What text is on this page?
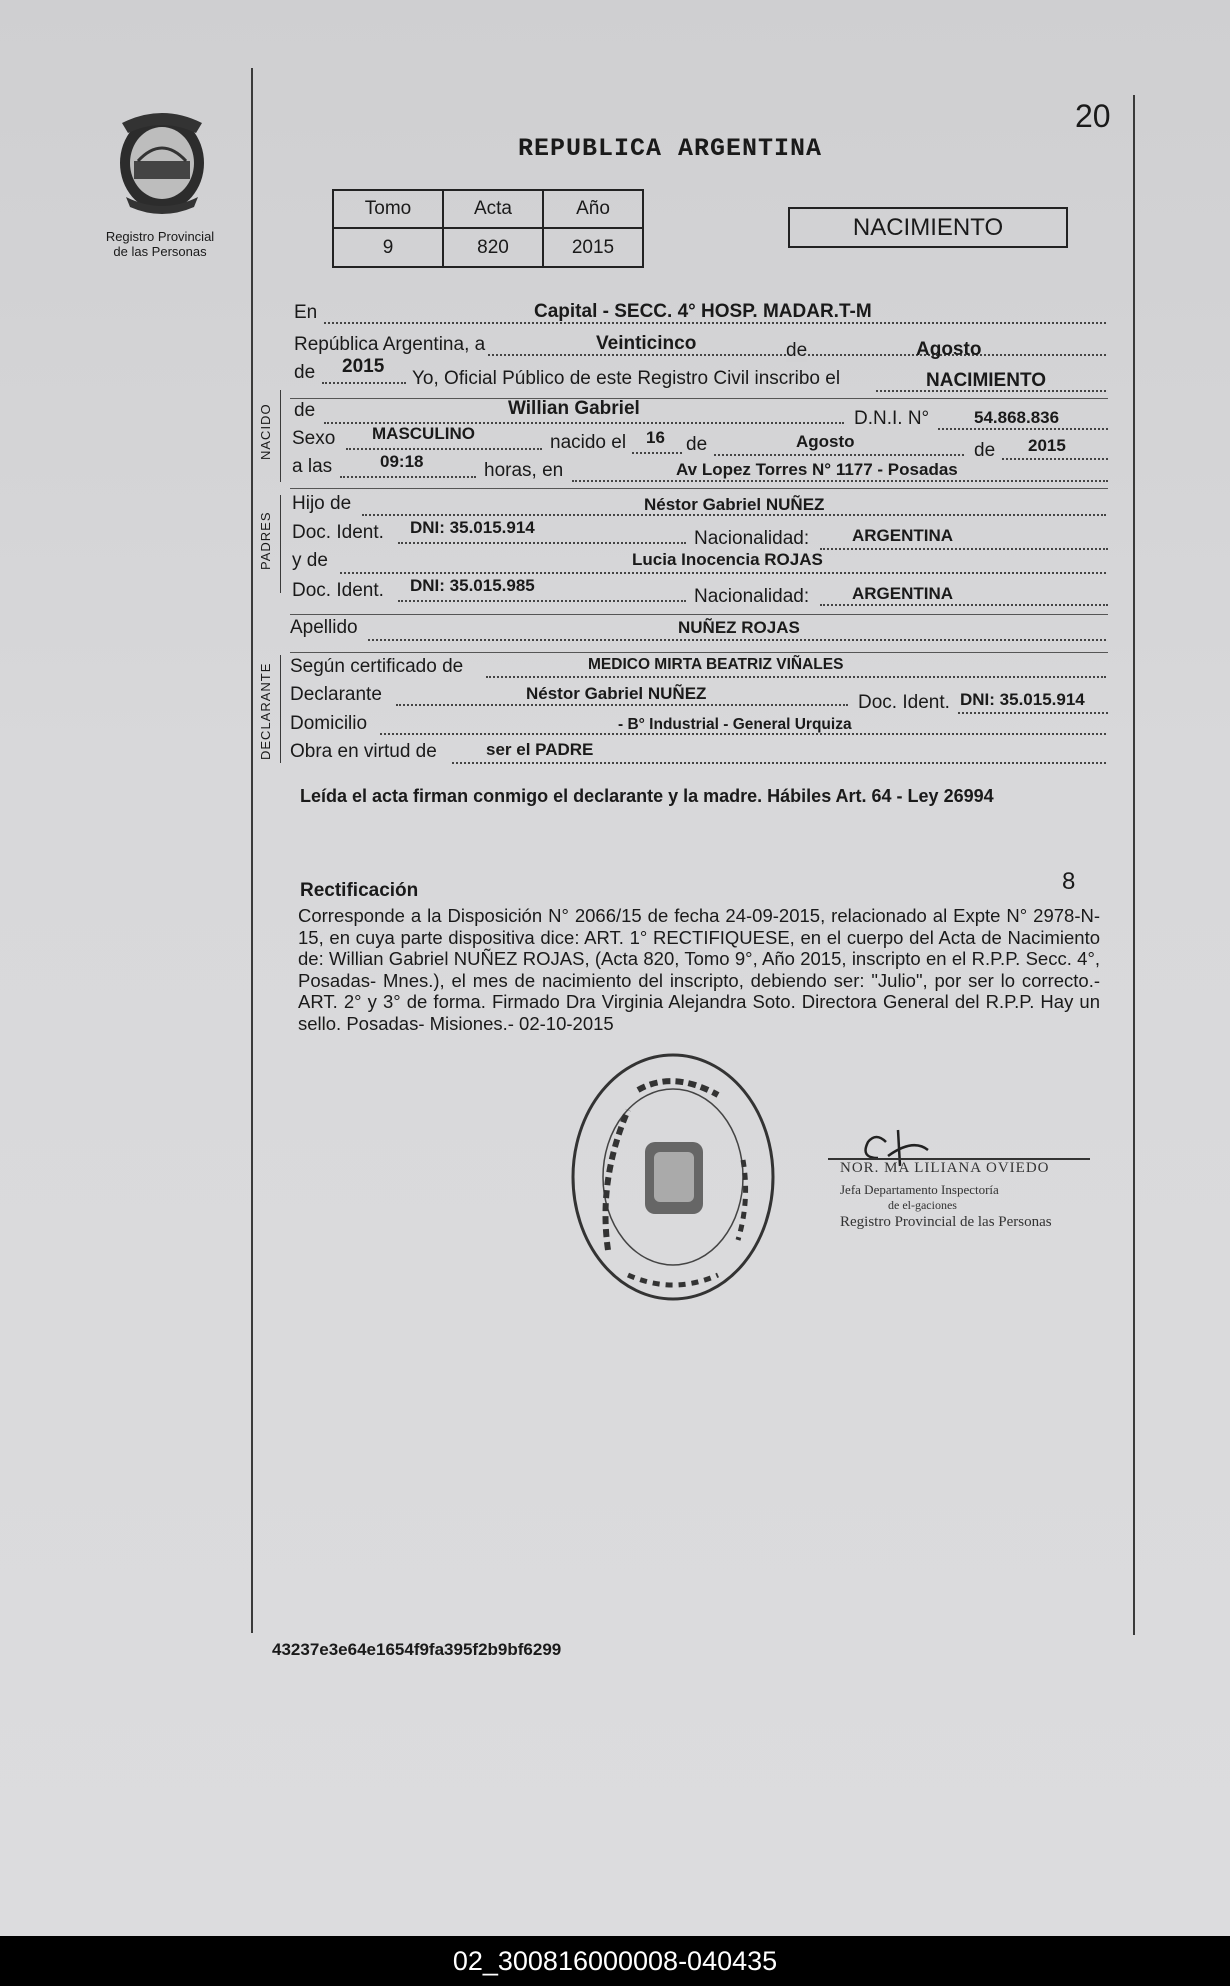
Registro Provincial
de las Personas
20
REPUBLICA ARGENTINA
Tomo	Acta	Año
9	820	2015
NACIMIENTO
NACIDO
PADRES
DECLARANTE
En	Capital - SECC. 4° HOSP. MADAR.T-M
República Argentina, a	Veinticinco	de	Agosto
de 2015
Yo, Oficial Público de este Registro Civil inscribo el	NACIMIENTO
de	Willian Gabriel	D.N.I. N°	54.868.836
Sexo MASCULINO	nacido el 16 de	Agosto	de 2015
a las	09:18	horas, en	Av Lopez Torres N° 1177 - Posadas
Hijo de	Néstor Gabriel NUÑEZ
Doc. Ident. DNI: 35.015.914
Nacionalidad:	ARGENTINA
y de	Lucia Inocencia ROJAS
Doc. Ident. DNI: 35.015.985
Nacionalidad:	ARGENTINA
Apellido	NUÑEZ ROJAS
Según certificado de	MEDICO MIRTA BEATRIZ VIÑALES
Declarante	Néstor Gabriel NUÑEZ	Doc. Ident. DNI: 35.015.914
Domicilio	- B° Industrial - General Urquiza
Obra en virtud de	ser el PADRE
Leída el acta firman conmigo el declarante y la madre. Hábiles Art. 64 - Ley 26994
Rectificación	8
Corresponde a la Disposición N° 2066/15 de fecha 24-09-2015, relacionado al Expte N° 2978-N-15, en cuya parte dispositiva dice: ART. 1° RECTIFIQUESE, en el cuerpo del Acta de Nacimiento de: Willian Gabriel NUÑEZ ROJAS, (Acta 820, Tomo 9°, Año 2015, inscripto en el R.P.P. Secc. 4°, Posadas- Mnes.), el mes de nacimiento del inscripto, debiendo ser: "Julio", por ser lo correcto.- ART. 2° y 3° de forma. Firmado Dra Virginia Alejandra Soto. Directora General del R.P.P. Hay un sello. Posadas- Misiones.- 02-10-2015
NOR. MA LILIANA OVIEDO
Jefa Departamento Inspectoría
de el-gaciones
Registro Provincial de las Personas
43237e3e64e1654f9fa395f2b9bf6299
02_300816000008-040435
